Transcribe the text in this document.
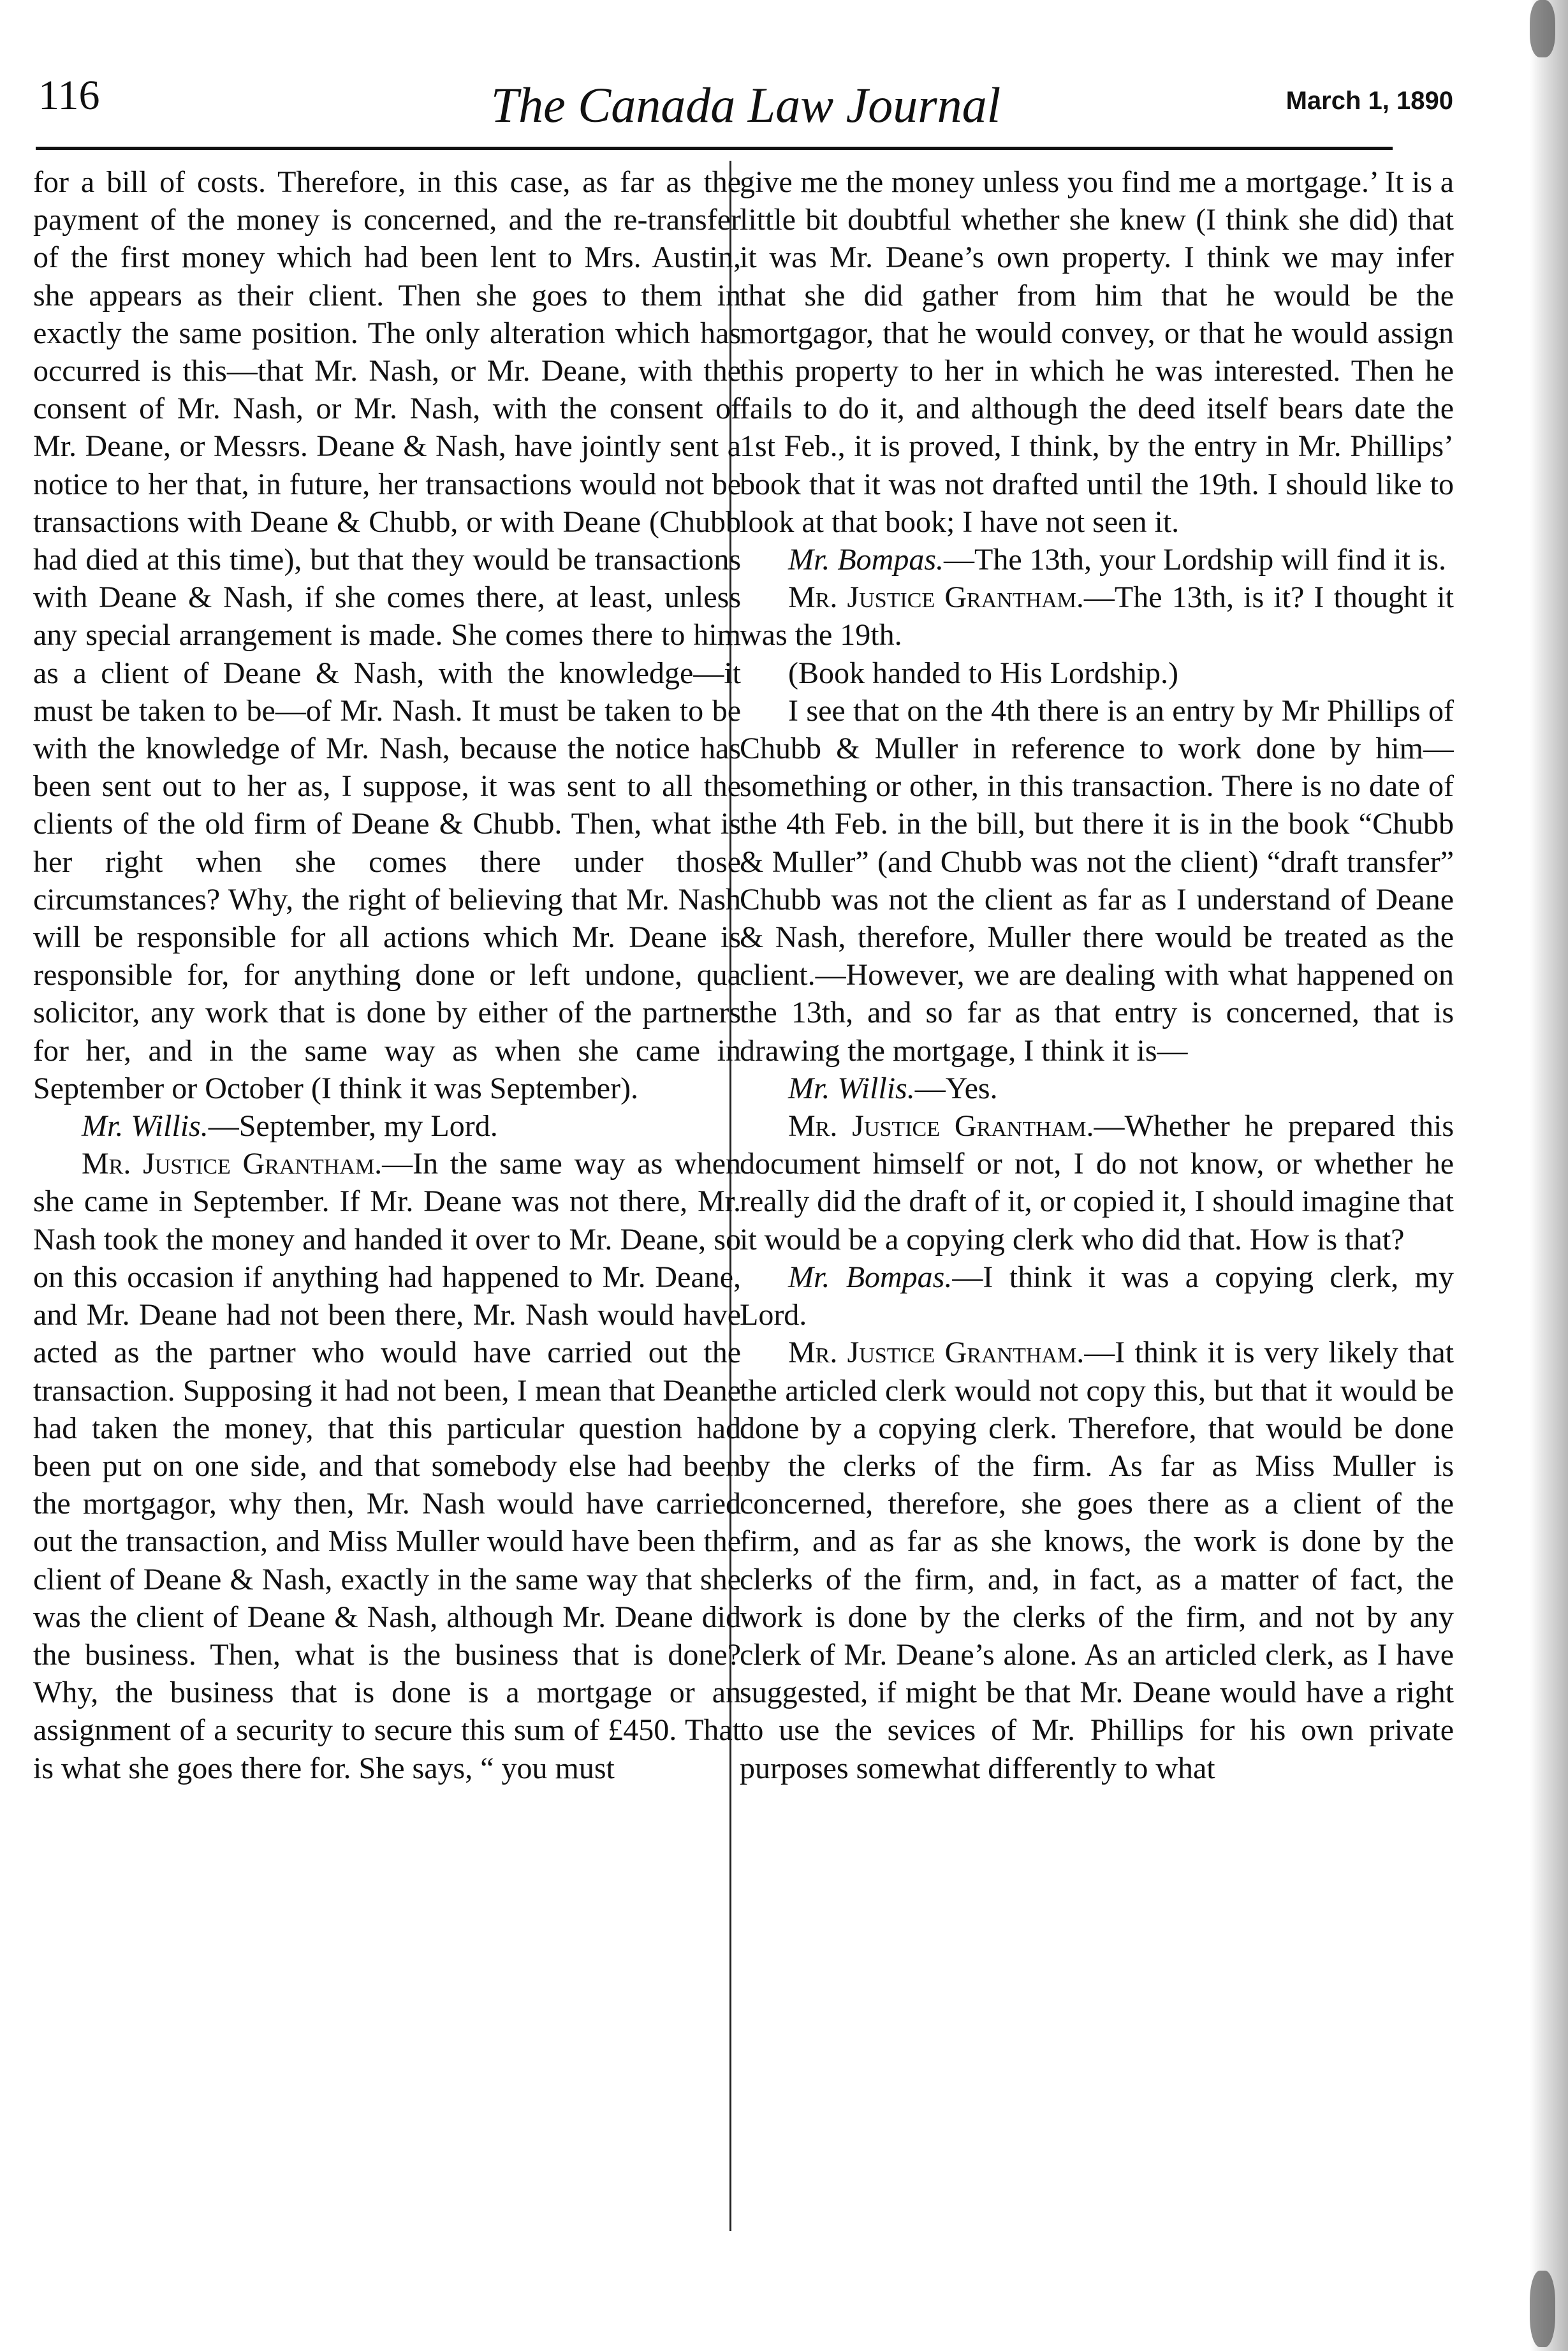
116	The Canada Law Journal	March 1, 1890

for a bill of costs. Therefore, in this case, as far as the payment of the money is concerned, and the re-transfer of the first money which had been lent to Mrs. Austin, she appears as their client. Then she goes to them in exactly the same position. The only alteration which has occurred is this—that Mr. Nash, or Mr. Deane, with the consent of Mr. Nash, or Mr. Nash, with the consent of Mr. Deane, or Messrs. Deane & Nash, have jointly sent a notice to her that, in future, her transactions would not be transactions with Deane & Chubb, or with Deane (Chubb had died at this time), but that they would be transactions with Deane & Nash, if she comes there, at least, unless any special arrangement is made. She comes there to him as a client of Deane & Nash, with the knowledge—it must be taken to be—of Mr. Nash. It must be taken to be with the knowledge of Mr. Nash, because the notice has been sent out to her as, I suppose, it was sent to all the clients of the old firm of Deane & Chubb. Then, what is her right when she comes there under those circumstances? Why, the right of believing that Mr. Nash will be responsible for all actions which Mr. Deane is responsible for, for anything done or left undone, qua solicitor, any work that is done by either of the partners for her, and in the same way as when she came in September or October (I think it was September).

Mr. Willis.—September, my Lord.

Mr. Justice Grantham.—In the same way as when she came in September. If Mr. Deane was not there, Mr. Nash took the money and handed it over to Mr. Deane, so on this occasion if anything had happened to Mr. Deane, and Mr. Deane had not been there, Mr. Nash would have acted as the partner who would have carried out the transaction. Supposing it had not been, I mean that Deane had taken the money, that this particular question had been put on one side, and that somebody else had been the mortgagor, why then, Mr. Nash would have carried out the transaction, and Miss Muller would have been the client of Deane & Nash, exactly in the same way that she was the client of Deane & Nash, although Mr. Deane did the business. Then, what is the business that is done? Why, the business that is done is a mortgage or an assignment of a security to secure this sum of £450. That is what she goes there for. She says, “ you must

give me the money unless you find me a mortgage.’ It is a little bit doubtful whether she knew (I think she did) that it was Mr. Deane’s own property. I think we may infer that she did gather from him that he would be the mortgagor, that he would convey, or that he would assign this property to her in which he was interested. Then he fails to do it, and although the deed itself bears date the 1st Feb., it is proved, I think, by the entry in Mr. Phillips’ book that it was not drafted until the 19th. I should like to look at that book; I have not seen it.

Mr. Bompas.—The 13th, your Lordship will find it is.

Mr. Justice Grantham.—The 13th, is it? I thought it was the 19th.

(Book handed to His Lordship.)

I see that on the 4th there is an entry by Mr Phillips of Chubb & Muller in reference to work done by him—something or other, in this transaction. There is no date of the 4th Feb. in the bill, but there it is in the book “Chubb & Muller” (and Chubb was not the client) “draft transfer” Chubb was not the client as far as I understand of Deane & Nash, therefore, Muller there would be treated as the client.—However, we are dealing with what happened on the 13th, and so far as that entry is concerned, that is drawing the mortgage, I think it is—

Mr. Willis.—Yes.

Mr. Justice Grantham.—Whether he prepared this document himself or not, I do not know, or whether he really did the draft of it, or copied it, I should imagine that it would be a copying clerk who did that. How is that?

Mr. Bompas.—I think it was a copying clerk, my Lord.

Mr. Justice Grantham.—I think it is very likely that the articled clerk would not copy this, but that it would be done by a copying clerk. Therefore, that would be done by the clerks of the firm. As far as Miss Muller is concerned, therefore, she goes there as a client of the firm, and as far as she knows, the work is done by the clerks of the firm, and, in fact, as a matter of fact, the work is done by the clerks of the firm, and not by any clerk of Mr. Deane’s alone. As an articled clerk, as I have suggested, if might be that Mr. Deane would have a right to use the sevices of Mr. Phillips for his own private purposes somewhat differently to what
